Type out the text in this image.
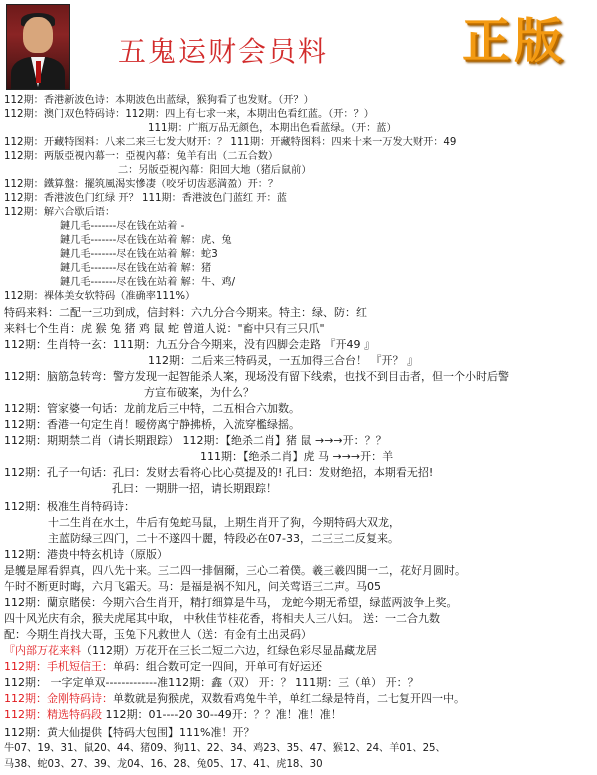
五鬼运财会员料	正版
112期：香港新波色诗：本期波色出蓝绿，猴狗看了也发财。（开？）
112期：澳门双色特码诗：112期：四上有七求一来，本期出色看红蓝。（开：？）
111期：广瓶万品无颜色，本期出色看蓝绿。（开：蓝）
112期：开藏特图料：八来二来三七发大财开：？ 111期：开藏特图料：四来十来一万发大财开：49
112期：两版亞視內幕一：亞視內幕：兔羊有出（二五合数）
二：另版亞視內幕：阳回大地（猪后鼠前）
112期：鐵算盤：擺筑風渴实慘凄（咬牙切齿恶満盈）开：？
112期：香港波色门红绿 开？ 111期：香港波色门蓝红 开：蓝
112期：解六合歇后语：
鏈几毛-------尽在钱在站着 -
鏈几毛-------尽在钱在站着 解：虎、兔
鏈几毛-------尽在钱在站着 解：蛇3
鏈几毛-------尽在钱在站着 解：猪
鏈几毛-------尽在钱在站着 解：牛、鸡/
112期：裸体美女软特码（准确率111%）
特码来料：二配一三功到成，信封料：六九分合今期来。特主：绿、防：红
来料七个生肖：虎 猴 兔 猪 鸡 鼠 蛇 曾道人说："畜中只有三只爪"
112期：生肖特一玄：111期：九五分合今期来，没有四脚会走路 『开49 』
112期：二后来三特码灵，一五加得三合台！ 『开？ 』
112期：脑筋急转弯：警方发现一起智能杀人案，现场没有留下线索，也找不到目击者，但一个小时后警
方宣布破案，为什么？
112期：管家婆一句话：龙前龙后三中特，二五相合六加数。
112期：香港一句定生肖！暧傍离宁静拂桥，入流穿檻绿摇。
112期：期期禁二肖（请长期跟踪） 112期：【绝杀二肖】猪 鼠 →→→开：？？
111期：【绝杀二肖】虎 马 →→→开：羊
112期：孔子一句话：孔曰：发财去看将心比心莫提及的! 孔曰：发财绝招，本期看无招!
孔曰：一期肼一招，请长期跟踪！
112期：极准生肖特码诗：
十二生肖在水土，牛后有兔蛇马鼠，上期生肖开了狗，今期特码大双龙，
主蓝防绿三四门，二十不遂四十麗，特段必在07-33，二三三二反复来。
112期：港贵中特玄机诗（原版）
是鹱是犀看貋真，四八先十来。三二四一排個爾，三心二着僕。羲三羲四閧一二，花好月圆时。
午时不断更时晦，六月飞霜天。马：是福是祸不知凡，问关莺语三二声。马05
112期：蘭京賭侯：今期六合生肖开，精打细算是牛马， 龙蛇今期无希望，绿蓝两波争上奖。
四十风光庆有余，猴夫虎尾其中取， 中秋佳节桂花香，将相夫人三八妇。 送：一二合九数
配：今期生肖找大哥，玉兔下凡救世人（送：有金有土出灵码）
『内部万花来料（112期）万花开在三长二短二六边，红绿色彩尽显晶藏龙居
112期：手机短信王：单码：组合数可定一四间，开单可有好运还
112期： 一字定单双-------------准112期：鑫（双） 开：？ 111期：三（单） 开：？
112期：金刚特码诗：单数就是狗猴虎，双数看鸡兔牛羊，单红二绿是特肖，二七复开四一中。
112期：精选特码段 112期：01----20 30--49开：？？准！准！准！
112期：黄大仙提供【特码大包围】111%准！开？
牛07、19、31、鼠20、44、猪09、狗11、22、34、鸡23、35、47、猴12、24、羊01、25、
马38、蛇03、27、39、龙04、16、28、兔05、17、41、虎18、30
